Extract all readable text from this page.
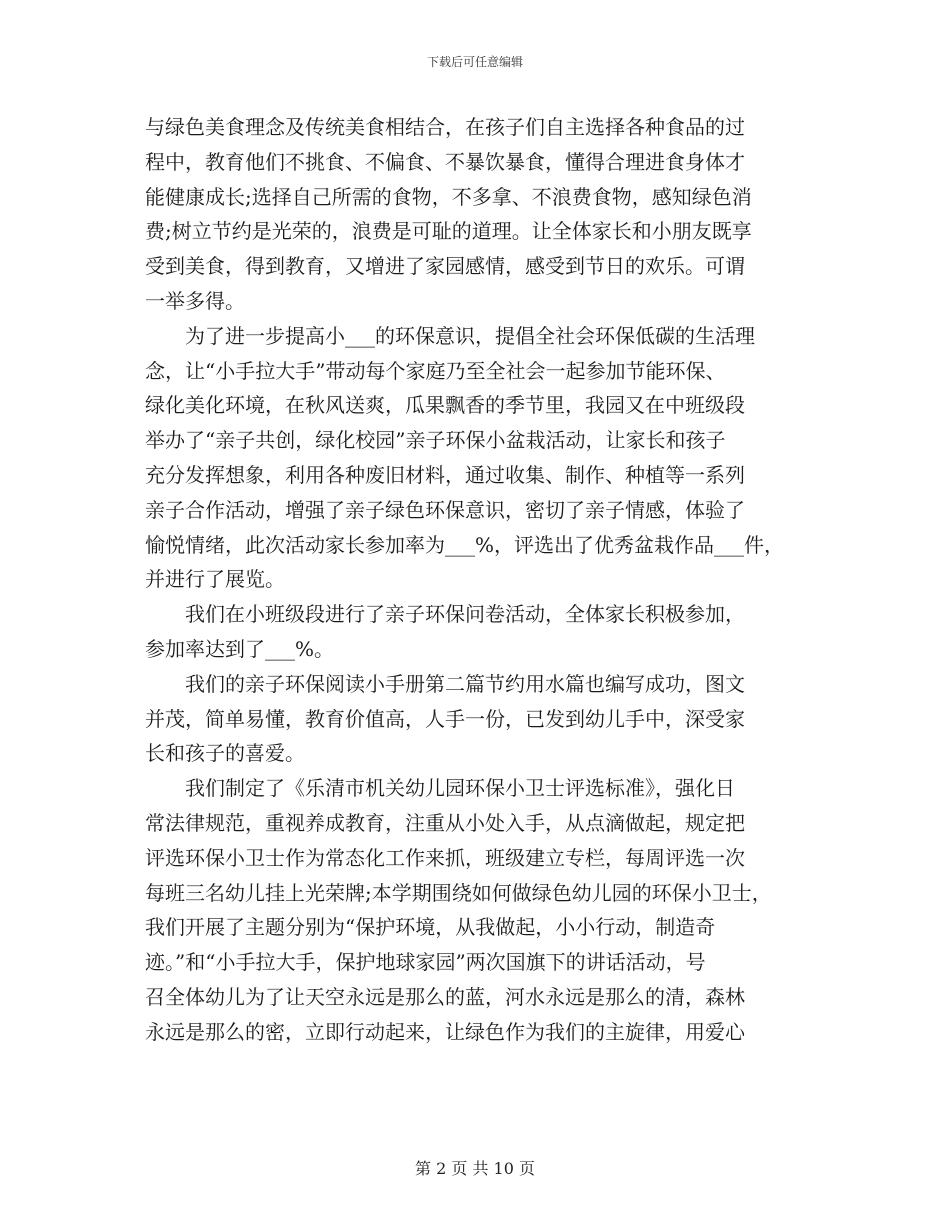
下载后可任意编辑
与绿色美食理念及传统美食相结合，在孩子们自主选择各种食品的过
程中，教育他们不挑食、不偏食、不暴饮暴食，懂得合理进食身体才
能健康成长;选择自己所需的食物，不多拿、不浪费食物，感知绿色消
费;树立节约是光荣的，浪费是可耻的道理。让全体家长和小朋友既享
受到美食，得到教育，又增进了家园感情，感受到节日的欢乐。可谓
一举多得。
为了进一步提高小___的环保意识，提倡全社会环保低碳的生活理
念，让“小手拉大手”带动每个家庭乃至全社会一起参加节能环保、
绿化美化环境，在秋风送爽，瓜果飘香的季节里，我园又在中班级段
举办了“亲子共创，绿化校园”亲子环保小盆栽活动，让家长和孩子
充分发挥想象，利用各种废旧材料，通过收集、制作、种植等一系列
亲子合作活动，增强了亲子绿色环保意识，密切了亲子情感，体验了
愉悦情绪，此次活动家长参加率为___%，评选出了优秀盆栽作品___件，
并进行了展览。
我们在小班级段进行了亲子环保问卷活动，全体家长积极参加，
参加率达到了___%。
我们的亲子环保阅读小手册第二篇节约用水篇也编写成功，图文
并茂，简单易懂，教育价值高，人手一份，已发到幼儿手中，深受家
长和孩子的喜爱。
我们制定了《乐清市机关幼儿园环保小卫士评选标准》，强化日
常法律规范，重视养成教育，注重从小处入手，从点滴做起，规定把
评选环保小卫士作为常态化工作来抓，班级建立专栏，每周评选一次
每班三名幼儿挂上光荣牌;本学期围绕如何做绿色幼儿园的环保小卫士，
我们开展了主题分别为“保护环境，从我做起，小小行动，制造奇
迹。”和“小手拉大手，保护地球家园”两次国旗下的讲话活动，号
召全体幼儿为了让天空永远是那么的蓝，河水永远是那么的清，森林
永远是那么的密，立即行动起来，让绿色作为我们的主旋律，用爱心
第 2 页 共 10 页
